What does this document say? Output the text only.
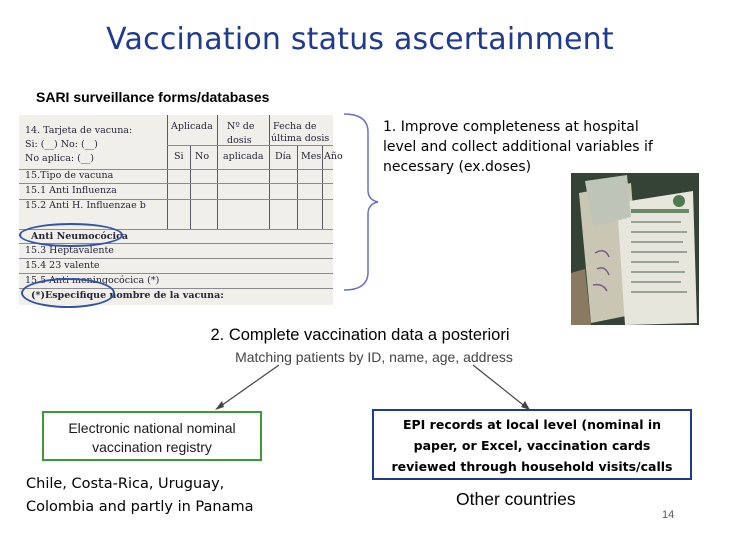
Vaccination status ascertainment
SARI surveillance forms/databases
14. Tarjeta de vacuna:
Si: (__) No: (__)
No aplica: (__)
15.Tipo de vacuna
15.1 Anti Influenza
15.2 Anti H. Influenzae b
Anti Neumocócica
15.3 Heptavalente
15.4 23 valente
15.5 Anti meningocócica (*)
(*)Especifique nombre de la vacuna:
Aplicada
Si No
Nº de
dosis
aplicada
Fecha de
última dosis
Día Mes Año
1. Improve completeness at hospital
level and collect additional variables if
necessary (ex.doses)
2. Complete vaccination data a posteriori
Matching patients by ID, name, age, address
Electronic national nominal
vaccination registry
Chile, Costa-Rica, Uruguay,
Colombia and partly in Panama
EPI records at local level (nominal in
paper, or Excel, vaccination cards
reviewed through household visits/calls
Other countries
14
